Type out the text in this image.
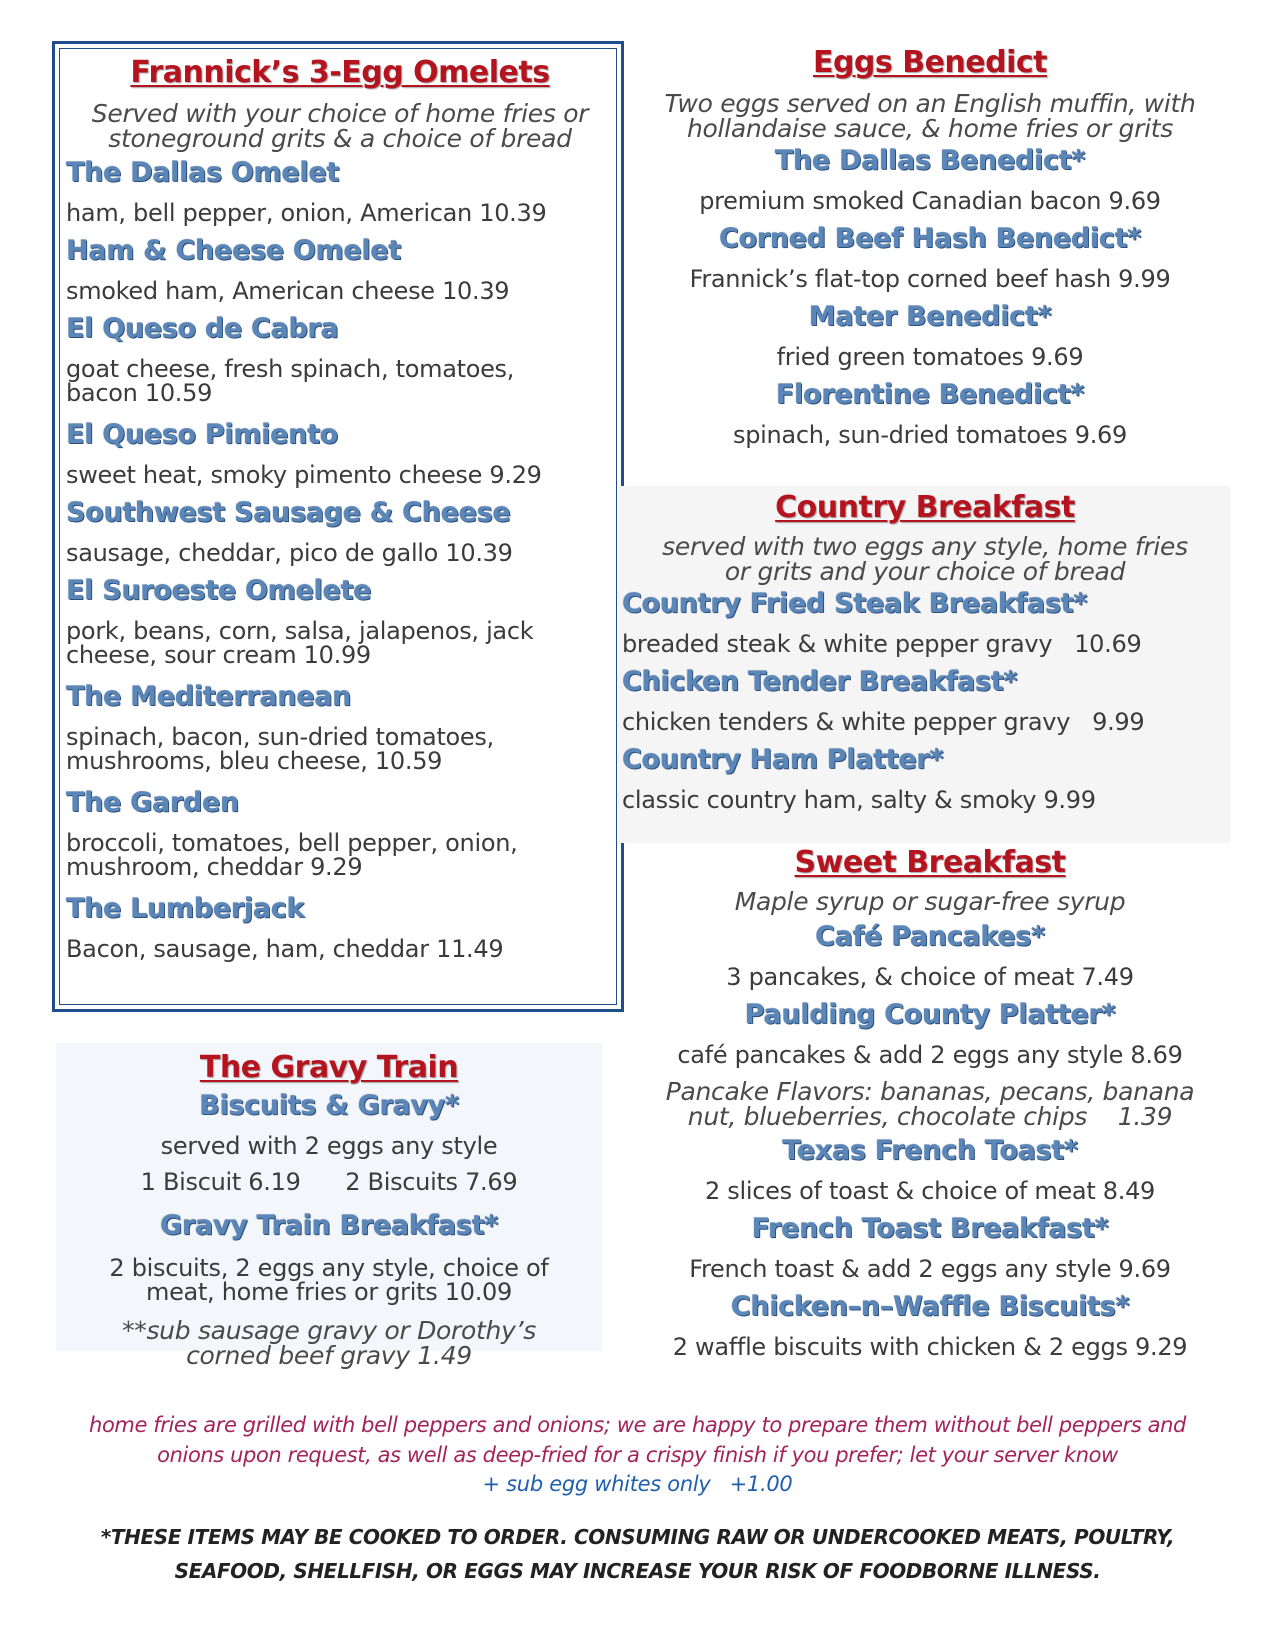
Frannick’s 3-Egg Omelets
Served with your choice of home fries or
stoneground grits & a choice of bread
The Dallas Omelet
ham, bell pepper, onion, American 10.39
Ham & Cheese Omelet
smoked ham, American cheese 10.39
El Queso de Cabra
goat cheese, fresh spinach, tomatoes,
bacon 10.59
El Queso Pimiento
sweet heat, smoky pimento cheese 9.29
Southwest Sausage & Cheese
sausage, cheddar, pico de gallo 10.39
El Suroeste Omelete
pork, beans, corn, salsa, jalapenos, jack
cheese, sour cream 10.99
The Mediterranean
spinach, bacon, sun-dried tomatoes,
mushrooms, bleu cheese, 10.59
The Garden
broccoli, tomatoes, bell pepper, onion,
mushroom, cheddar 9.29
The Lumberjack
Bacon, sausage, ham, cheddar 11.49
The Gravy Train
Biscuits & Gravy*
served with 2 eggs any style
1 Biscuit 6.19 2 Biscuits 7.69
Gravy Train Breakfast*
2 biscuits, 2 eggs any style, choice of
meat, home fries or grits 10.09
**sub sausage gravy or Dorothy’s
corned beef gravy 1.49
Eggs Benedict
Two eggs served on an English muffin, with
hollandaise sauce, & home fries or grits
The Dallas Benedict*
premium smoked Canadian bacon 9.69
Corned Beef Hash Benedict*
Frannick’s flat-top corned beef hash 9.99
Mater Benedict*
fried green tomatoes 9.69
Florentine Benedict*
spinach, sun-dried tomatoes 9.69
Country Breakfast
served with two eggs any style, home fries
or grits and your choice of bread
Country Fried Steak Breakfast*
breaded steak & white pepper gravy   10.69
Chicken Tender Breakfast*
chicken tenders & white pepper gravy   9.99
Country Ham Platter*
classic country ham, salty & smoky 9.99
Sweet Breakfast
Maple syrup or sugar-free syrup
Café Pancakes*
3 pancakes, & choice of meat 7.49
Paulding County Platter*
café pancakes & add 2 eggs any style 8.69
Pancake Flavors: bananas, pecans, banana
nut, blueberries, chocolate chips    1.39
Texas French Toast*
2 slices of toast & choice of meat 8.49
French Toast Breakfast*
French toast & add 2 eggs any style 9.69
Chicken–n–Waffle Biscuits*
2 waffle biscuits with chicken & 2 eggs 9.29
home fries are grilled with bell peppers and onions; we are happy to prepare them without bell peppers and
onions upon request, as well as deep-fried for a crispy finish if you prefer; let your server know
+ sub egg whites only   +1.00
*THESE ITEMS MAY BE COOKED TO ORDER. CONSUMING RAW OR UNDERCOOKED MEATS, POULTRY,
SEAFOOD, SHELLFISH, OR EGGS MAY INCREASE YOUR RISK OF FOODBORNE ILLNESS.
